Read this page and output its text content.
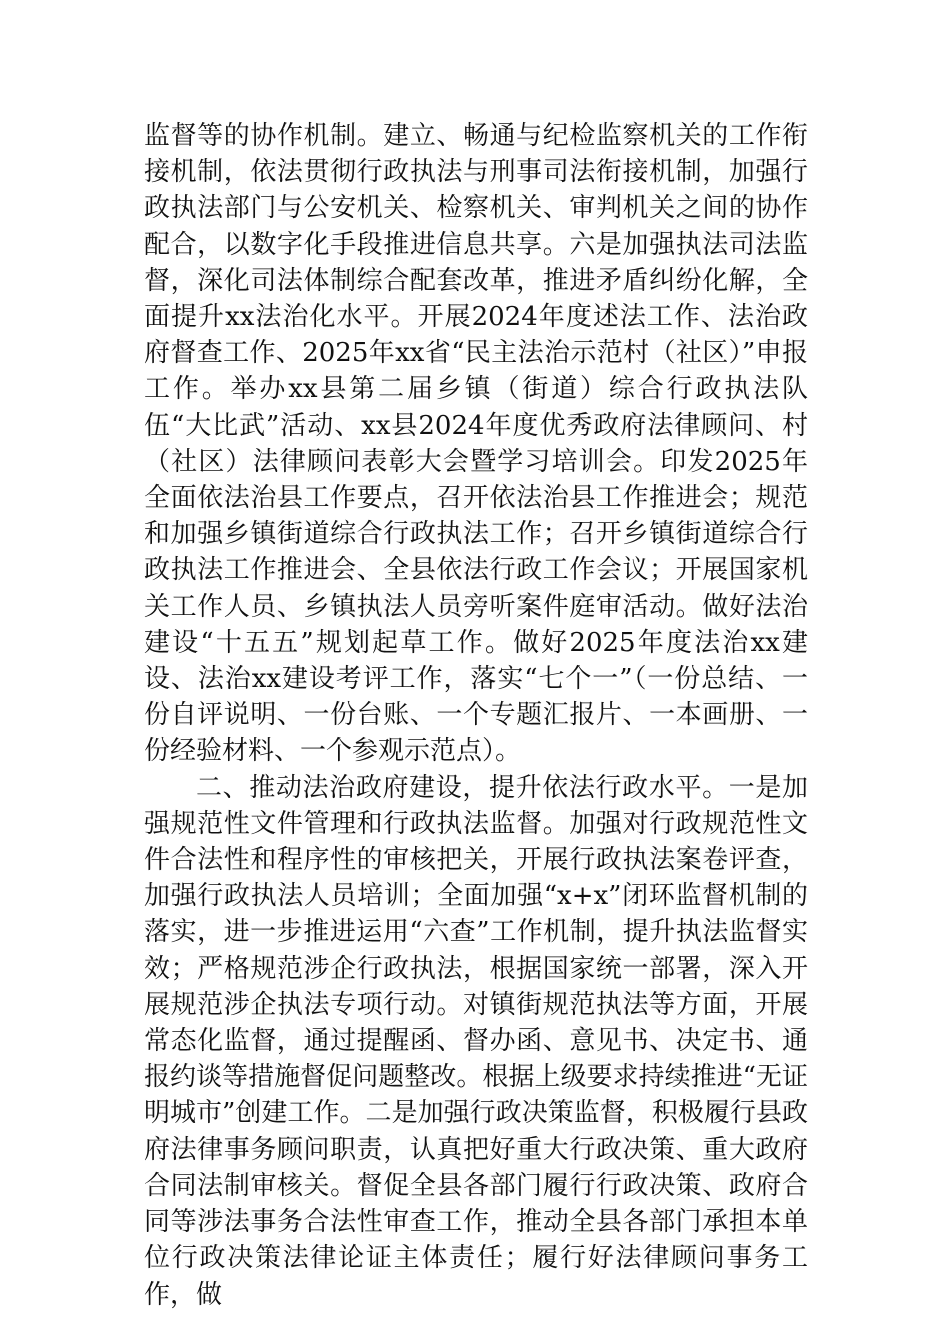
监督等的协作机制。建立、畅通与纪检监察机关的工作衔接机制，依法贯彻行政执法与刑事司法衔接机制，加强行政执法部门与公安机关、检察机关、审判机关之间的协作配合，以数字化手段推进信息共享。六是加强执法司法监督，深化司法体制综合配套改革，推进矛盾纠纷化解，全面提升xx法治化水平。开展2024年度述法工作、法治政府督查工作、2025年xx省“民主法治示范村（社区）”申报工作。举办xx县第二届乡镇（街道）综合行政执法队伍“大比武”活动、xx县2024年度优秀政府法律顾问、村（社区）法律顾问表彰大会暨学习培训会。印发2025年全面依法治县工作要点，召开依法治县工作推进会；规范和加强乡镇街道综合行政执法工作；召开乡镇街道综合行政执法工作推进会、全县依法行政工作会议；开展国家机关工作人员、乡镇执法人员旁听案件庭审活动。做好法治建设“十五五”规划起草工作。做好2025年度法治xx建设、法治xx建设考评工作，落实“七个一”（一份总结、一份自评说明、一份台账、一个专题汇报片、一本画册、一份经验材料、一个参观示范点）。

二、推动法治政府建设，提升依法行政水平。一是加强规范性文件管理和行政执法监督。加强对行政规范性文件合法性和程序性的审核把关，开展行政执法案卷评查，加强行政执法人员培训；全面加强“x+x”闭环监督机制的落实，进一步推进运用“六查”工作机制，提升执法监督实效；严格规范涉企行政执法，根据国家统一部署，深入开展规范涉企执法专项行动。对镇街规范执法等方面，开展常态化监督，通过提醒函、督办函、意见书、决定书、通报约谈等措施督促问题整改。根据上级要求持续推进“无证明城市”创建工作。二是加强行政决策监督，积极履行县政府法律事务顾问职责，认真把好重大行政决策、重大政府合同法制审核关。督促全县各部门履行行政决策、政府合同等涉法事务合法性审查工作，推动全县各部门承担本单位行政决策法律论证主体责任；履行好法律顾问事务工作，做
